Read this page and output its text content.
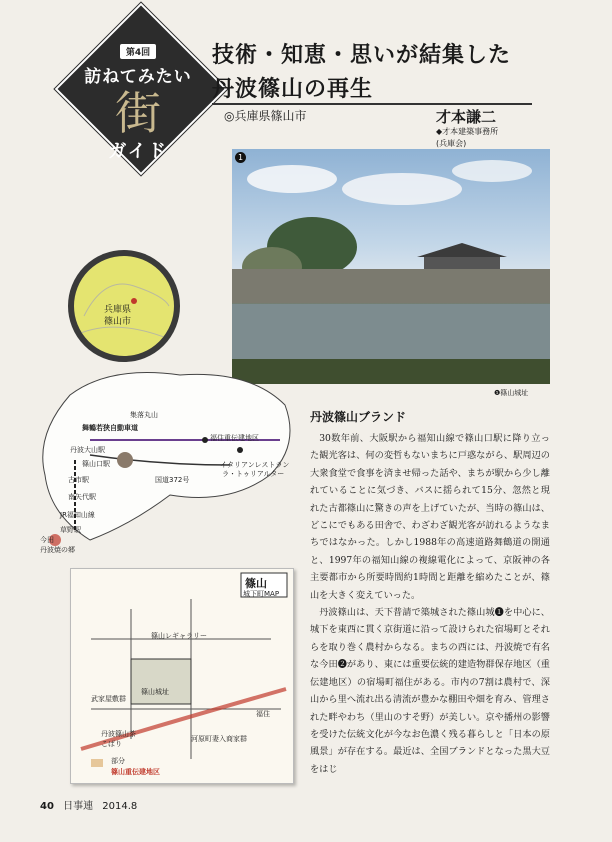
第4回
訪ねてみたい
街
ガイド
技術・知恵・思いが結集した
丹波篠山の再生
◎兵庫県篠山市	才本謙二
◆才本建築事務所
(兵庫会)
1
❶篠山城址
兵庫県
篠山市
集落丸山
舞鶴若狭自動車道
丹波大山駅
篠山口駅
古市駅
南矢代駅
JR福知山線
草野駅
今田
丹波焼の郷
福住重伝建地区
国道372号
イタリアンレストラン
ラ・トゥリアルター
篠山
城下町MAP
篠山レギャラリー
篠山城址
武家屋敷群
丹波篠山茶
こばり
河原町妻入商家群
部分
福住
篠山重伝建地区
丹波篠山ブランド

30数年前、大阪駅から福知山線で篠山口駅に降り立った観光客は、何の変哲もないまちに戸惑ながら、駅周辺の大衆食堂で食事を済ませ帰った話や、まちが駅から少し離れていることに気づき、バスに揺られて15分、忽然と現れた古都篠山に驚きの声を上げていたが、当時の篠山は、どこにでもある田舎で、わざわざ観光客が訪れるようなまちではなかった。しかし1988年の高速道路舞鶴道の開通と、1997年の福知山線の複線電化によって、京阪神の各主要都市から所要時間約1時間と距離を縮めたことが、篠山を大きく変えていった。

丹波篠山は、天下普請で築城された篠山城❶を中心に、城下を東西に貫く京街道に沿って設けられた宿場町とそれらを取り巻く農村からなる。まちの西には、丹波焼で有名な今田❷があり、東には重要伝統的建造物群保存地区（重伝建地区）の宿場町福住がある。市内の7割は農村で、深山から里へ流れ出る清流が豊かな棚田や畑を育み、管理された畔やわち（里山のすそ野）が美しい。京や播州の影響を受けた伝統文化が今なお色濃く残る暮らしと「日本の原風景」が存在する。最近は、全国ブランドとなった黒大豆をはじ

40 日事連 2014.8
